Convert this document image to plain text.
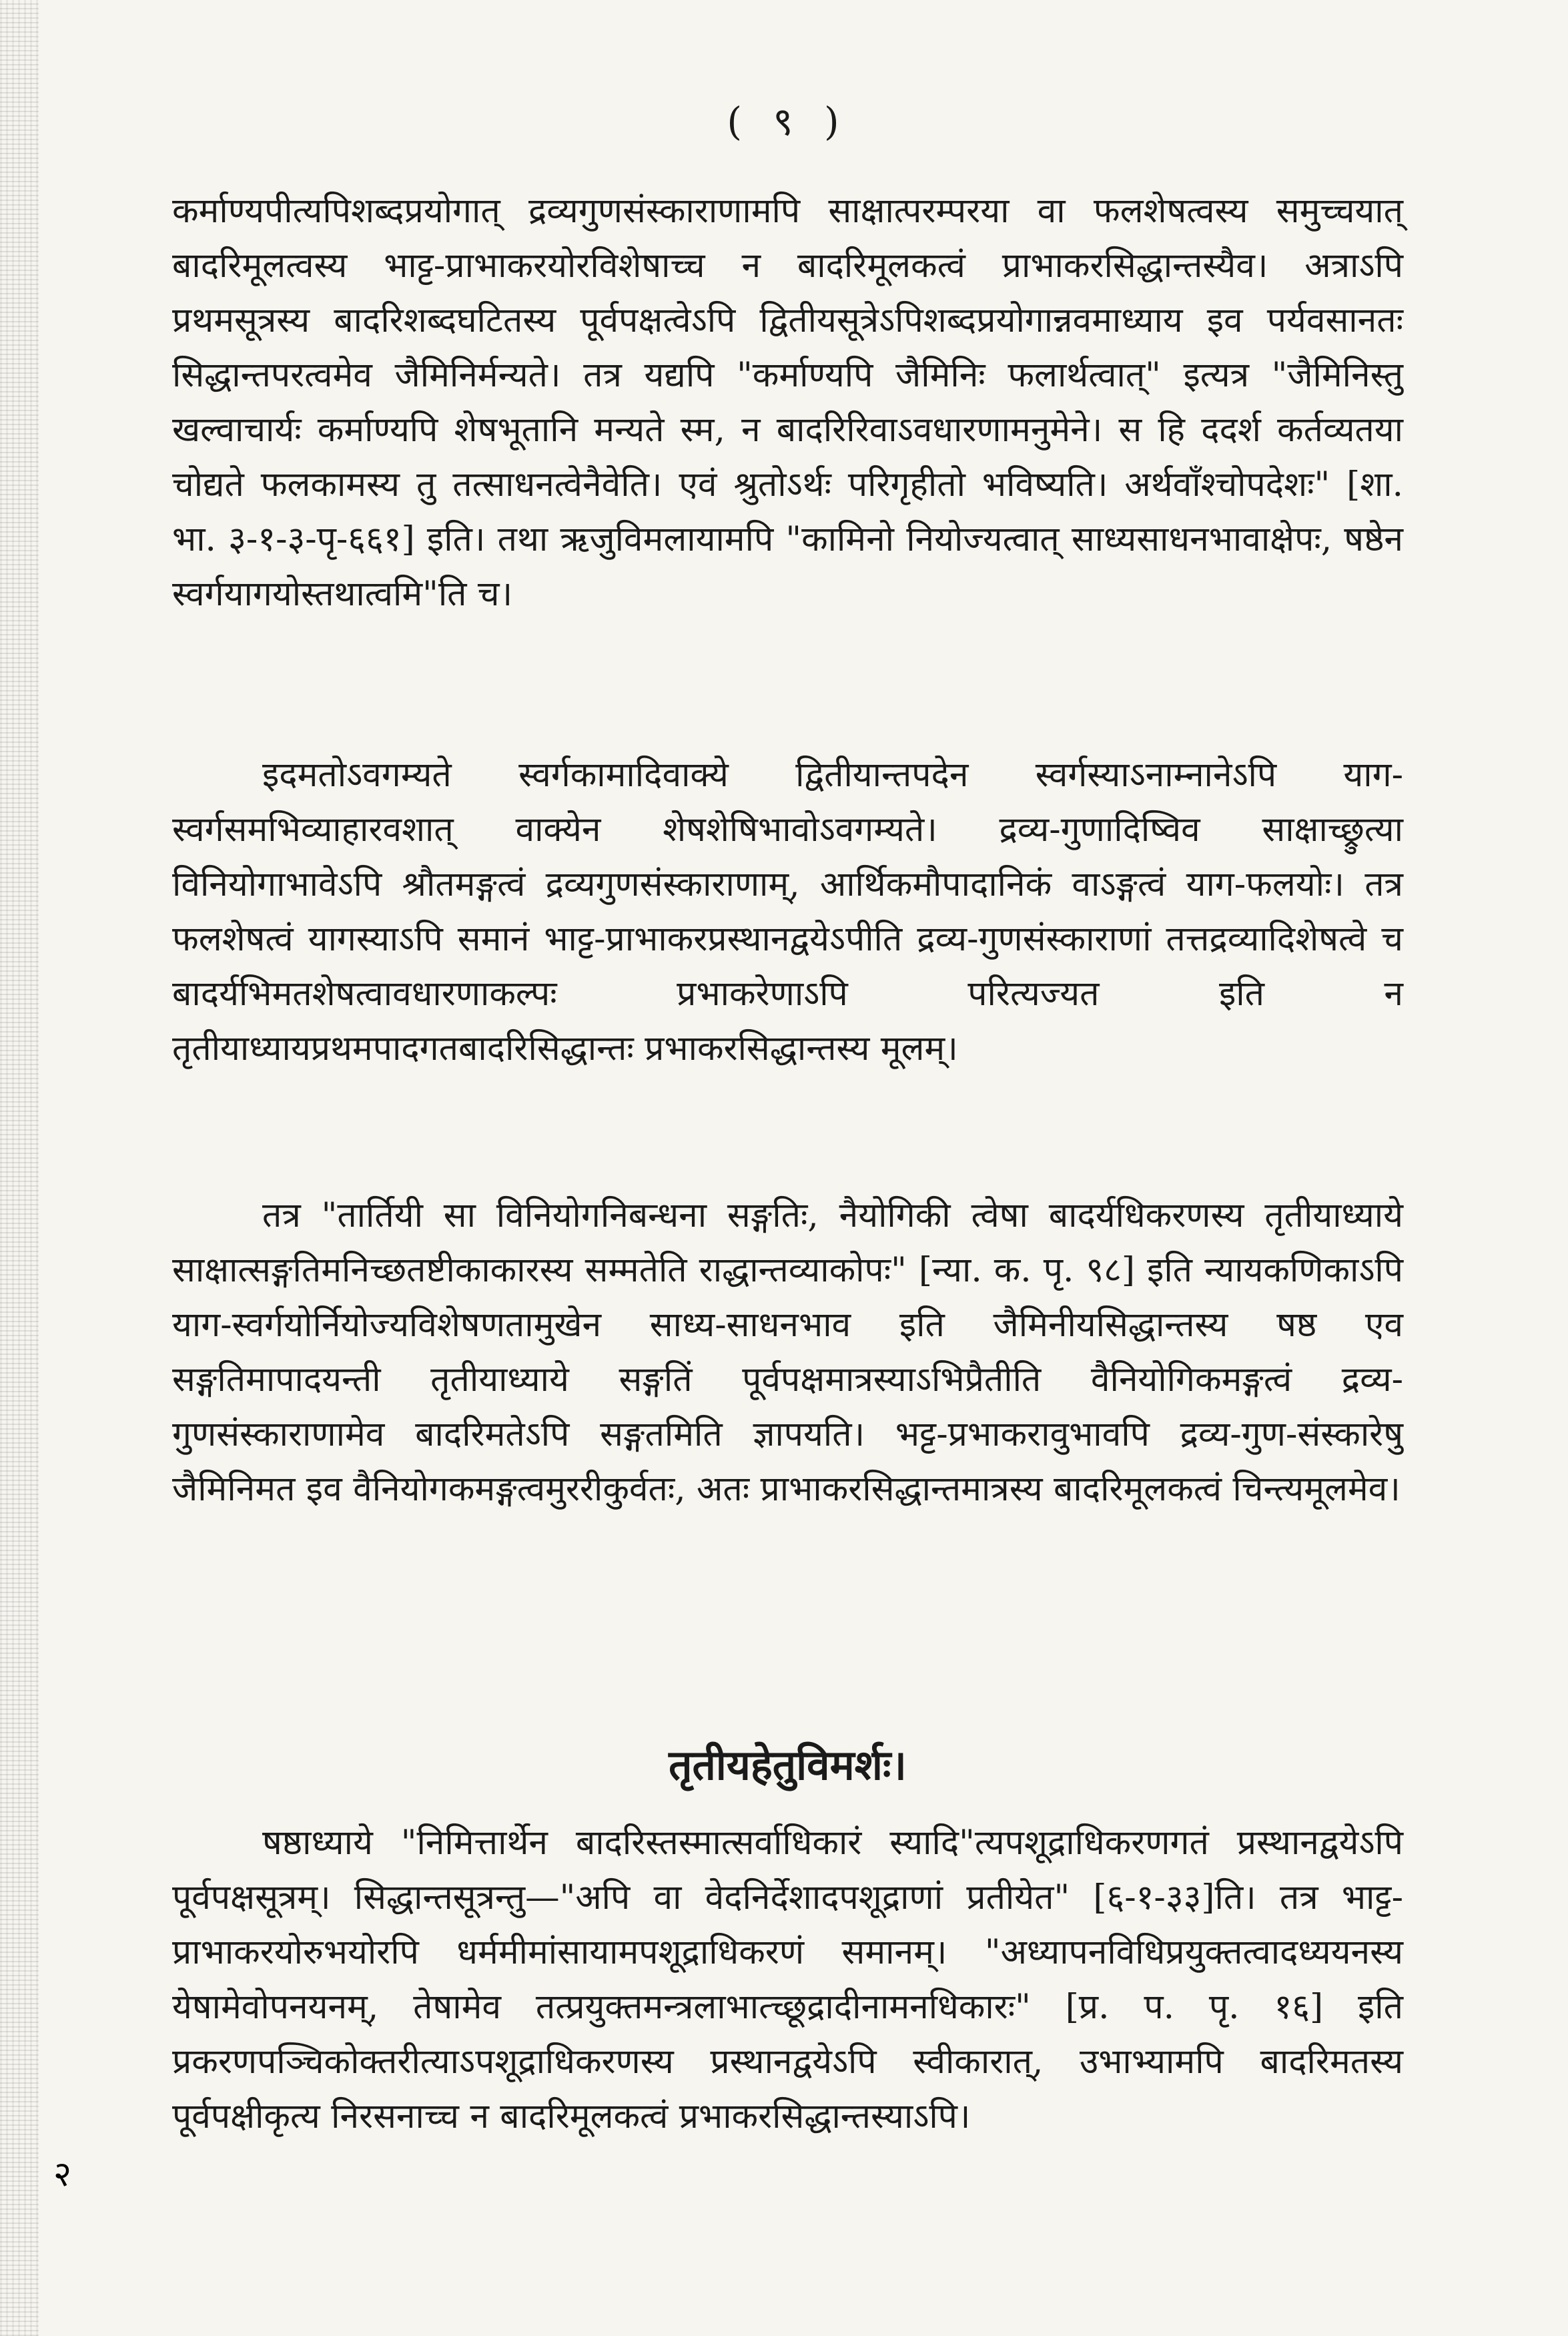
( ९ )

कर्माण्यपीत्यपिशब्दप्रयोगात् द्रव्यगुणसंस्काराणामपि साक्षात्परम्परया वा फलशेषत्वस्य समुच्चयात् बादरिमूलत्वस्य भाट्ट-प्राभाकरयोरविशेषाच्च न बादरिमूलकत्वं प्राभाकरसिद्धान्तस्यैव। अत्राऽपि प्रथमसूत्रस्य बादरिशब्दघटितस्य पूर्वपक्षत्वेऽपि द्वितीयसूत्रेऽपिशब्दप्रयोगान्नवमाध्याय इव पर्यवसानतः सिद्धान्तपरत्वमेव जैमिनिर्मन्यते। तत्र यद्यपि "कर्माण्यपि जैमिनिः फलार्थत्वात्" इत्यत्र "जैमिनिस्तु खल्वाचार्यः कर्माण्यपि शेषभूतानि मन्यते स्म, न बादरिरिवाऽवधारणामनुमेने। स हि ददर्श कर्तव्यतया चोद्यते फलकामस्य तु तत्साधनत्वेनैवेति। एवं श्रुतोऽर्थः परिगृहीतो भविष्यति। अर्थवाँश्चोपदेशः" [शा. भा. ३-१-३-पृ-६६१] इति। तथा ऋजुविमलायामपि "कामिनो नियोज्यत्वात् साध्यसाधनभावाक्षेपः, षष्ठेन स्वर्गयागयोस्तथात्वमि"ति च।

इदमतोऽवगम्यते स्वर्गकामादिवाक्ये द्वितीयान्तपदेन स्वर्गस्याऽनाम्नानेऽपि याग-स्वर्गसमभिव्याहारवशात् वाक्येन शेषशेषिभावोऽवगम्यते। द्रव्य-गुणादिष्विव साक्षाच्छ्रुत्या विनियोगाभावेऽपि श्रौतमङ्गत्वं द्रव्यगुणसंस्काराणाम्, आर्थिकमौपादानिकं वाऽङ्गत्वं याग-फलयोः। तत्र फलशेषत्वं यागस्याऽपि समानं भाट्ट-प्राभाकरप्रस्थानद्वयेऽपीति द्रव्य-गुणसंस्काराणां तत्तद्रव्यादिशेषत्वे च बादर्यभिमतशेषत्वावधारणाकल्पः प्रभाकरेणाऽपि परित्यज्यत इति न तृतीयाध्यायप्रथमपादगतबादरिसिद्धान्तः प्रभाकरसिद्धान्तस्य मूलम्।

तत्र "तार्तियी सा विनियोगनिबन्धना सङ्गतिः, नैयोगिकी त्वेषा बादर्यधिकरणस्य तृतीयाध्याये साक्षात्सङ्गतिमनिच्छतष्टीकाकारस्य सम्मतेति राद्धान्तव्याकोपः" [न्या. क. पृ. ९८] इति न्यायकणिकाऽपि याग-स्वर्गयोर्नियोज्यविशेषणतामुखेन साध्य-साधनभाव इति जैमिनीयसिद्धान्तस्य षष्ठ एव सङ्गतिमापादयन्ती तृतीयाध्याये सङ्गतिं पूर्वपक्षमात्रस्याऽभिप्रैतीति वैनियोगिकमङ्गत्वं द्रव्य-गुणसंस्काराणामेव बादरिमतेऽपि सङ्गतमिति ज्ञापयति। भट्ट-प्रभाकरावुभावपि द्रव्य-गुण-संस्कारेषु जैमिनिमत इव वैनियोगकमङ्गत्वमुररीकुर्वतः, अतः प्राभाकरसिद्धान्तमात्रस्य बादरिमूलकत्वं चिन्त्यमूलमेव।

तृतीयहेतुविमर्शः।

षष्ठाध्याये "निमित्तार्थेन बादरिस्तस्मात्सर्वाधिकारं स्यादि"त्यपशूद्राधिकरणगतं प्रस्थानद्वयेऽपि पूर्वपक्षसूत्रम्। सिद्धान्तसूत्रन्तु—"अपि वा वेदनिर्देशादपशूद्राणां प्रतीयेत" [६-१-३३]ति। तत्र भाट्ट-प्राभाकरयोरुभयोरपि धर्ममीमांसायामपशूद्राधिकरणं समानम्। "अध्यापनविधिप्रयुक्तत्वादध्ययनस्य येषामेवोपनयनम्, तेषामेव तत्प्रयुक्तमन्त्रलाभात्च्छूद्रादीनामनधिकारः" [प्र. प. पृ. १६] इति प्रकरणपञ्चिकोक्तरीत्याऽपशूद्राधिकरणस्य प्रस्थानद्वयेऽपि स्वीकारात्, उभाभ्यामपि बादरिमतस्य पूर्वपक्षीकृत्य निरसनाच्च न बादरिमूलकत्वं प्रभाकरसिद्धान्तस्याऽपि।

२
